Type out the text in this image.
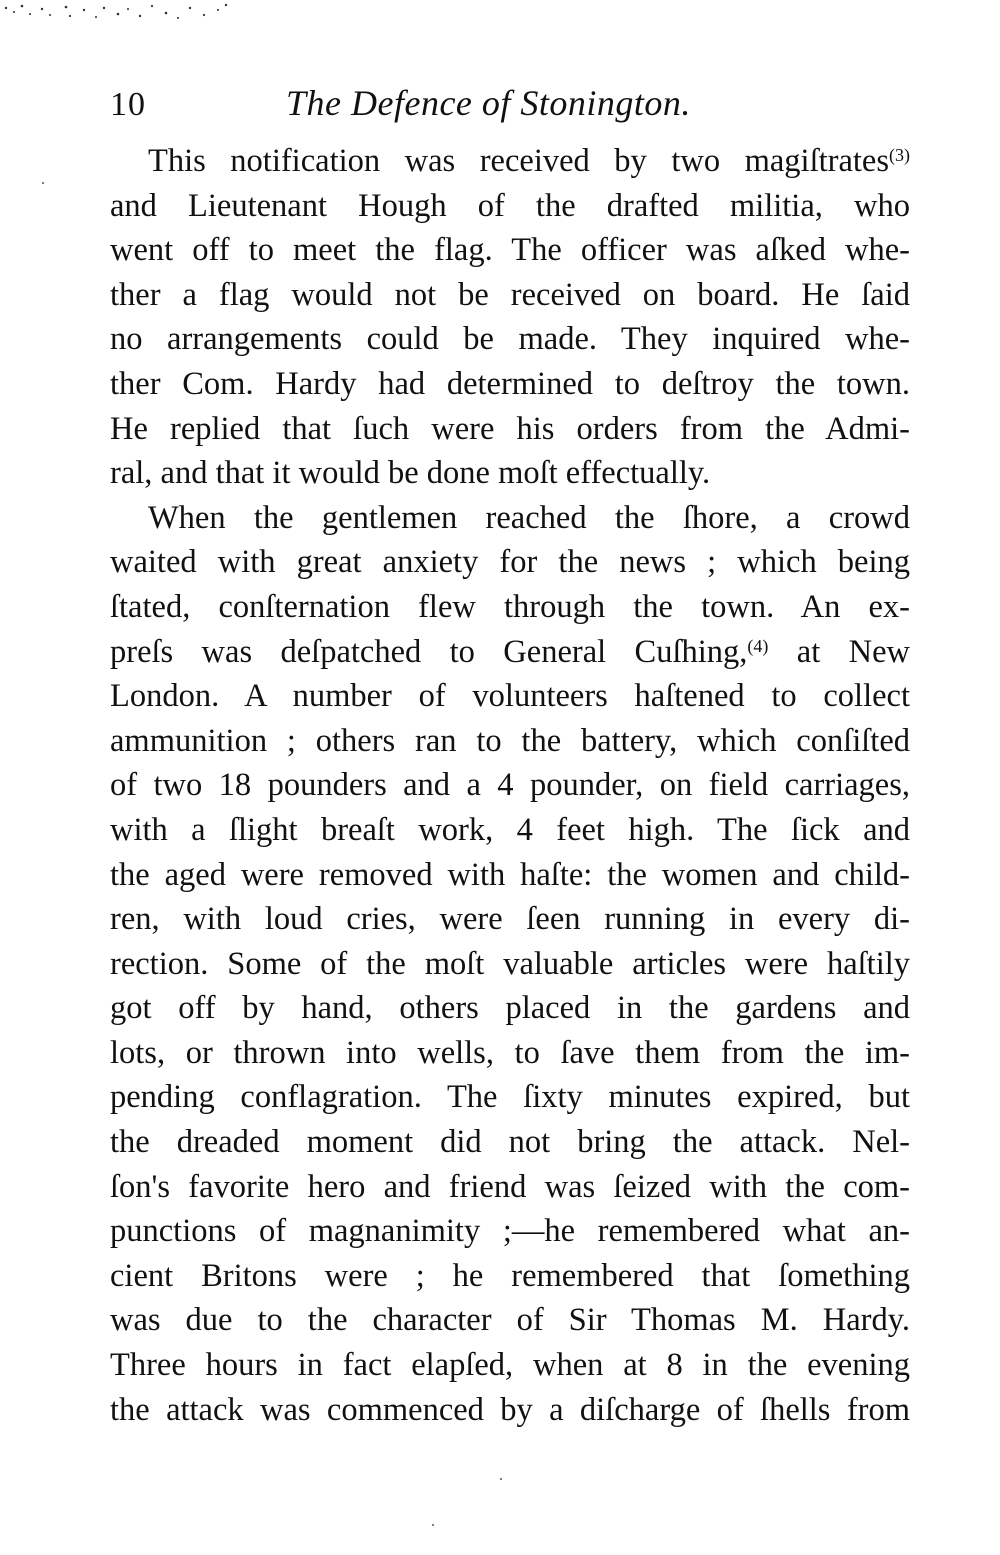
10	The Defence of Stonington.
This notification was received by two magiſtrates$^{(3)}$
and Lieutenant Hough of the drafted militia, who
went off to meet the flag. The officer was aſked whe-
ther a flag would not be received on board. He ſaid
no arrangements could be made. They inquired whe-
ther Com. Hardy had determined to deſtroy the town.
He replied that ſuch were his orders from the Admi-
ral, and that it would be done moſt effectually.
When the gentlemen reached the ſhore, a crowd
waited with great anxiety for the news ; which being
ſtated, conſternation flew through the town. An ex-
preſs was deſpatched to General Cuſhing,$^{(4)}$ at New
London. A number of volunteers haſtened to collect
ammunition ; others ran to the battery, which conſiſted
of two 18 pounders and a 4 pounder, on field carriages,
with a ſlight breaſt work, 4 feet high. The ſick and
the aged were removed with haſte: the women and child-
ren, with loud cries, were ſeen running in every di-
rection. Some of the moſt valuable articles were haſtily
got off by hand, others placed in the gardens and
lots, or thrown into wells, to ſave them from the im-
pending conflagration. The ſixty minutes expired, but
the dreaded moment did not bring the attack. Nel-
ſon's favorite hero and friend was ſeized with the com-
punctions of magnanimity ;—he remembered what an-
cient Britons were ; he remembered that ſomething
was due to the character of Sir Thomas M. Hardy.
Three hours in fact elapſed, when at 8 in the evening
the attack was commenced by a diſcharge of ſhells from
